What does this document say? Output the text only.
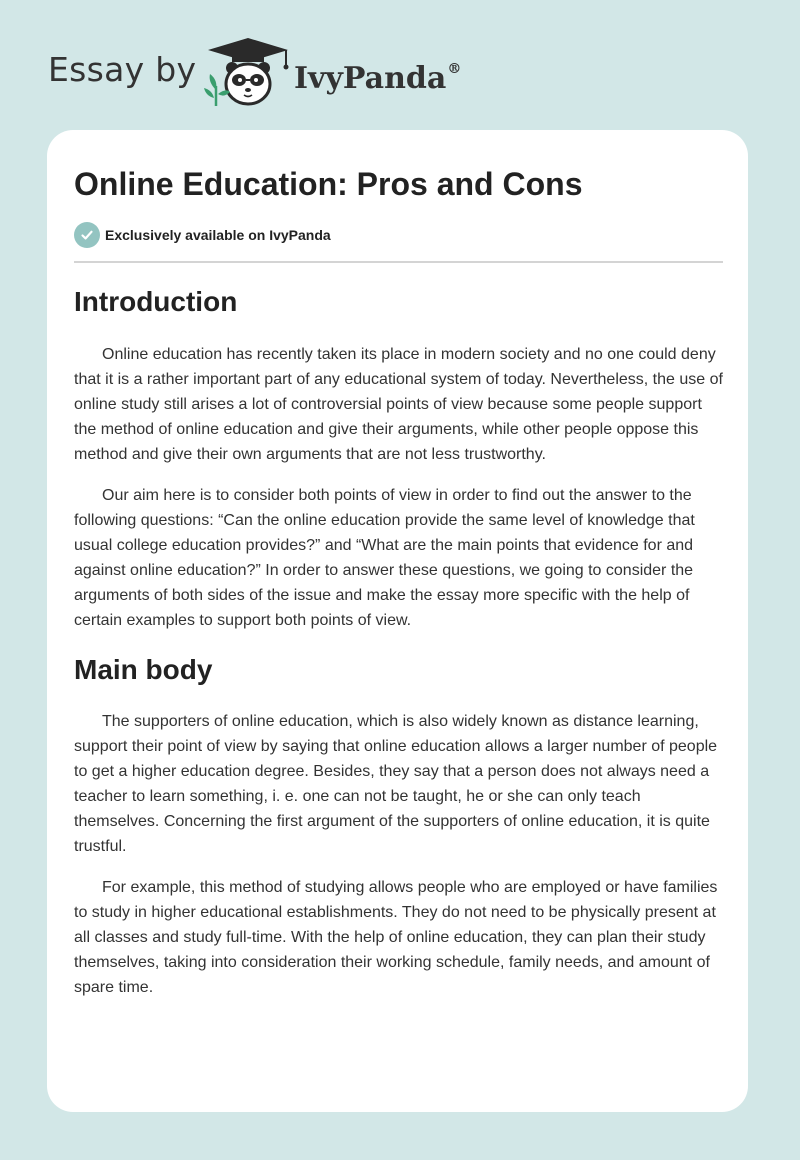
Essay by	IvyPanda®
Online Education: Pros and Cons
Exclusively available on IvyPanda
Introduction

Online education has recently taken its place in modern society and no one could deny that it is a rather important part of any educational system of today. Nevertheless, the use of online study still arises a lot of controversial points of view because some people support the method of online education and give their arguments, while other people oppose this method and give their own arguments that are not less trustworthy.

Our aim here is to consider both points of view in order to find out the answer to the following questions: “Can the online education provide the same level of knowledge that usual college education provides?” and “What are the main points that evidence for and against online education?” In order to answer these questions, we going to consider the arguments of both sides of the issue and make the essay more specific with the help of certain examples to support both points of view.

Main body

The supporters of online education, which is also widely known as distance learning, support their point of view by saying that online education allows a larger number of people to get a higher education degree. Besides, they say that a person does not always need a teacher to learn something, i. e. one can not be taught, he or she can only teach themselves. Concerning the first argument of the supporters of online education, it is quite trustful.

For example, this method of studying allows people who are employed or have families to study in higher educational establishments. They do not need to be physically present at all classes and study full-time. With the help of online education, they can plan their study themselves, taking into consideration their working schedule, family needs, and amount of spare time.
